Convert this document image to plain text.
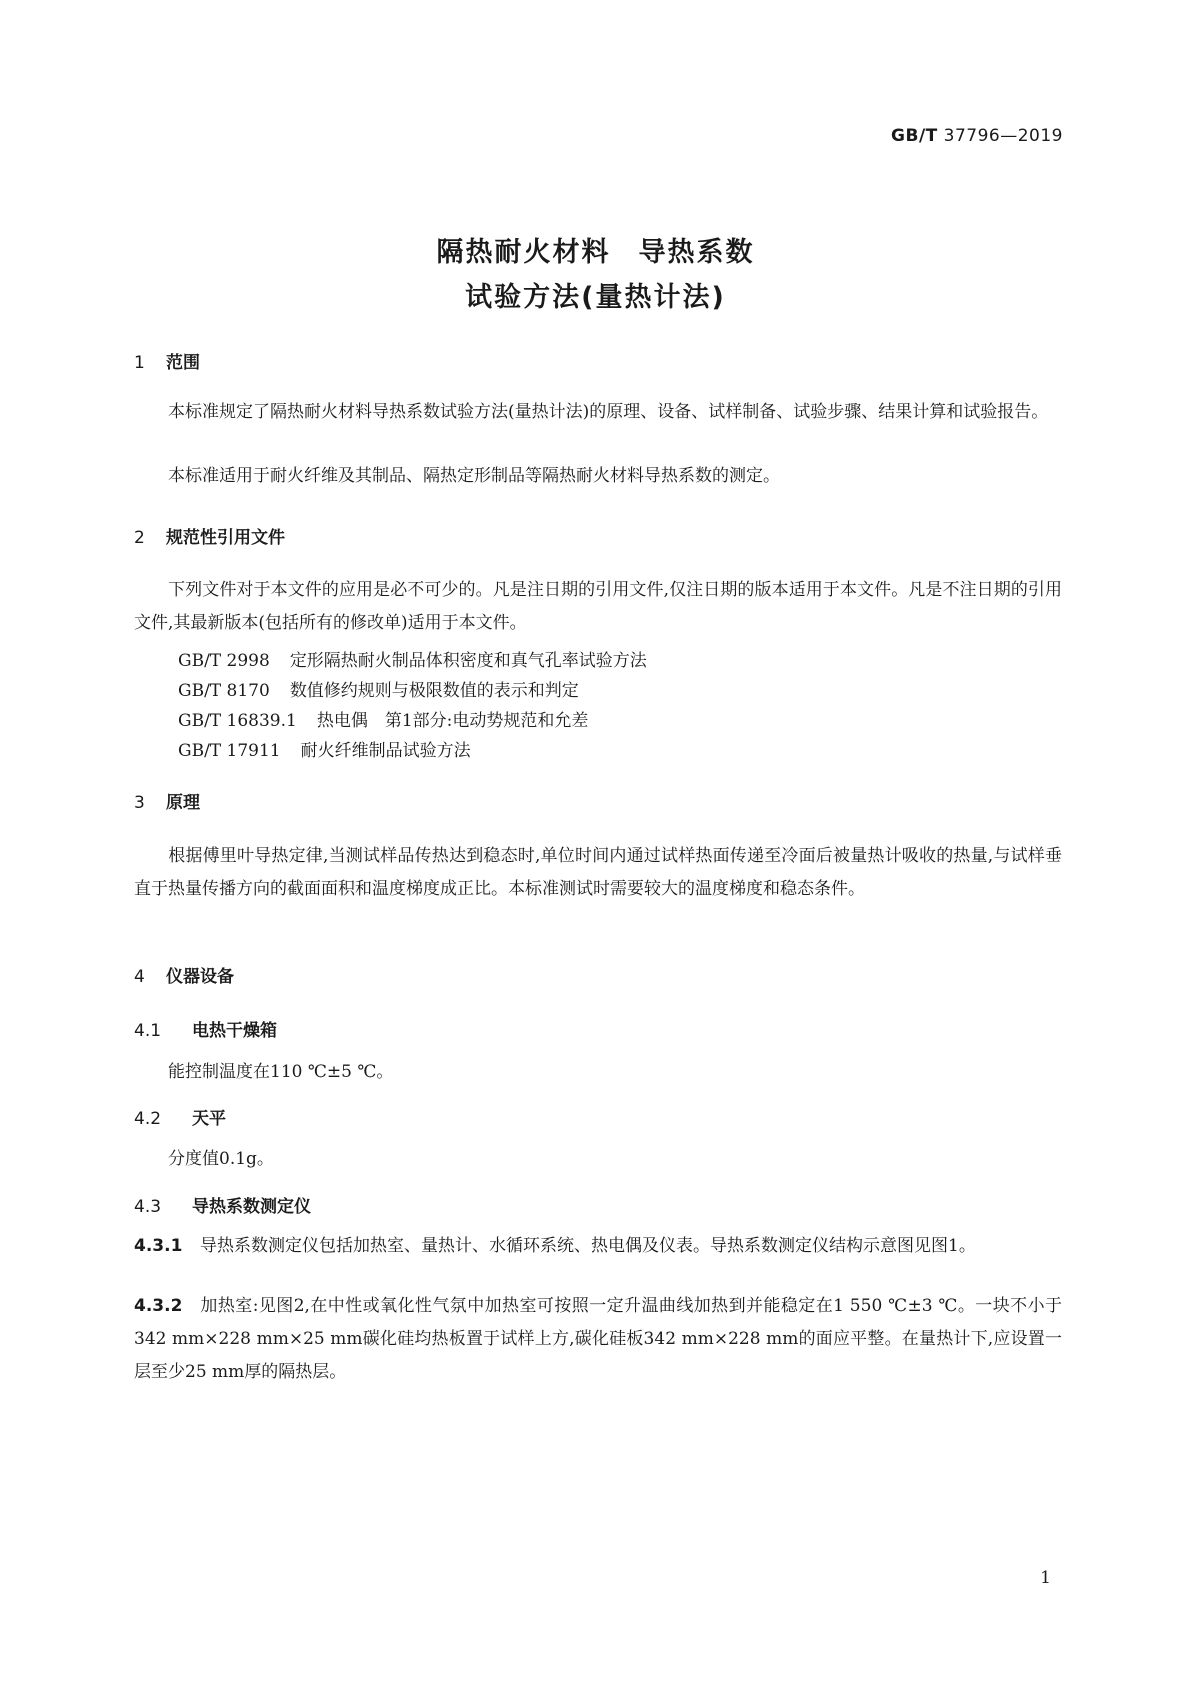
GB/T 37796—2019
隔热耐火材料 导热系数
试验方法(量热计法)
1 范围
本标准规定了隔热耐火材料导热系数试验方法(量热计法)的原理、设备、试样制备、试验步骤、结果计算和试验报告。
本标准适用于耐火纤维及其制品、隔热定形制品等隔热耐火材料导热系数的测定。
2 规范性引用文件
下列文件对于本文件的应用是必不可少的。凡是注日期的引用文件,仅注日期的版本适用于本文件。凡是不注日期的引用文件,其最新版本(包括所有的修改单)适用于本文件。
GB/T 2998 定形隔热耐火制品体积密度和真气孔率试验方法
GB/T 8170 数值修约规则与极限数值的表示和判定
GB/T 16839.1 热电偶　第1部分:电动势规范和允差
GB/T 17911 耐火纤维制品试验方法
3 原理
根据傅里叶导热定律,当测试样品传热达到稳态时,单位时间内通过试样热面传递至冷面后被量热计吸收的热量,与试样垂直于热量传播方向的截面面积和温度梯度成正比。本标准测试时需要较大的温度梯度和稳态条件。
4 仪器设备
4.1 电热干燥箱
能控制温度在110 ℃±5 ℃。
4.2 天平
分度值0.1g。
4.3 导热系数测定仪
4.3.1 导热系数测定仪包括加热室、量热计、水循环系统、热电偶及仪表。导热系数测定仪结构示意图见图1。
4.3.2 加热室:见图2,在中性或氧化性气氛中加热室可按照一定升温曲线加热到并能稳定在1 550 ℃±3 ℃。一块不小于342 mm×228 mm×25 mm碳化硅均热板置于试样上方,碳化硅板342 mm×228 mm的面应平整。在量热计下,应设置一层至少25 mm厚的隔热层。
1
